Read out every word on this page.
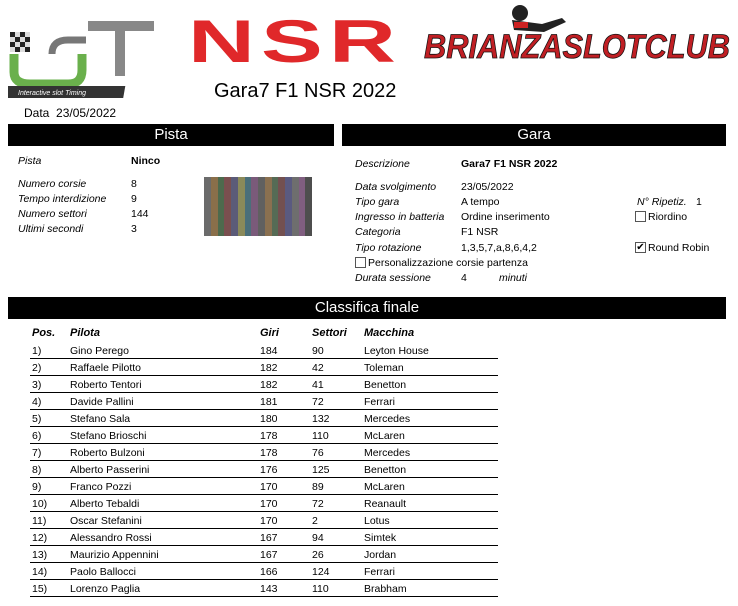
Interactive slot Timing
NSR BRIANZASLOTCLUB
Gara7 F1 NSR 2022
Data 23/05/2022
Pista
Pista	Ninco
Numero corsie	8
Tempo interdizione 9
Numero settori	144
Ultimi secondi	3
Gara
Descrizione	Gara7 F1 NSR 2022
Data svolgimento 23/05/2022
Tipo gara	A tempo
Ingresso in batteria Ordine inserimento
Categoria	F1 NSR
Tipo rotazione	1,3,5,7,a,8,6,4,2
N° Ripetiz. 1
Riordino
✔ Round Robin
Personalizzazione corsie partenza
Durata sessione	4	minuti
Classifica finale
Pos. Pilota	Giri	Settori Macchina
1)	Gino Perego	184	90	Leyton House
2)	Raffaele Pilotto	182	42	Toleman
3)	Roberto Tentori	182	41	Benetton
4)	Davide Pallini	181	72	Ferrari
5)	Stefano Sala	180	132	Mercedes
6)	Stefano Brioschi	178	110	McLaren
7)	Roberto Bulzoni	178	76	Mercedes
8)	Alberto Passerini	176	125	Benetton
9)	Franco Pozzi	170	89	McLaren
10) Alberto Tebaldi	170	72	Reanault
11) Oscar Stefanini	170	2	Lotus
12) Alessandro Rossi	167	94	Simtek
13) Maurizio Appennini	167	26	Jordan
14) Paolo Ballocci	166	124	Ferrari
15) Lorenzo Paglia	143	110	Brabham
